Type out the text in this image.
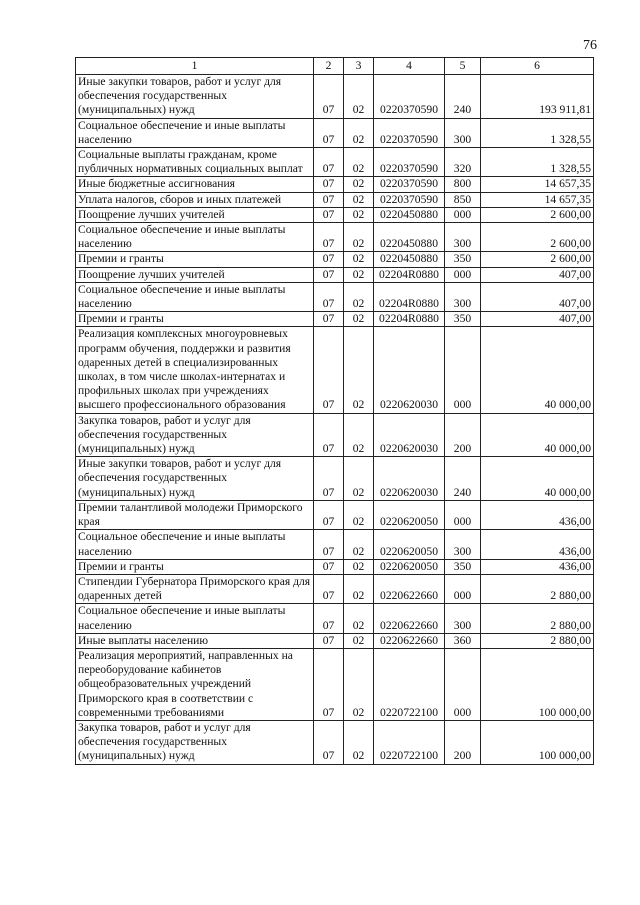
76
1	2	3	4	5	6
Иные закупки товаров, работ и услуг для обеспечения государственных (муниципальных) нужд	07	02	0220370590	240	193 911,81
Социальное обеспечение и иные выплаты населению	07	02	0220370590	300	1 328,55
Социальные выплаты гражданам, кроме публичных нормативных социальных выплат	07	02	0220370590	320	1 328,55
Иные бюджетные ассигнования	07	02	0220370590	800	14 657,35
Уплата налогов, сборов и иных платежей	07	02	0220370590	850	14 657,35
Поощрение лучших учителей	07	02	0220450880	000	2 600,00
Социальное обеспечение и иные выплаты населению	07	02	0220450880	300	2 600,00
Премии и гранты	07	02	0220450880	350	2 600,00
Поощрение лучших учителей	07	02	02204R0880	000	407,00
Социальное обеспечение и иные выплаты населению	07	02	02204R0880	300	407,00
Премии и гранты	07	02	02204R0880	350	407,00
Реализация комплексных многоуровневых программ обучения, поддержки и развития одаренных детей в специализированных школах, в том числе школах-интернатах и профильных школах при учреждениях высшего профессионального образования	07	02	0220620030	000	40 000,00
Закупка товаров, работ и услуг для обеспечения государственных (муниципальных) нужд	07	02	0220620030	200	40 000,00
Иные закупки товаров, работ и услуг для обеспечения государственных (муниципальных) нужд	07	02	0220620030	240	40 000,00
Премии талантливой молодежи Приморского края	07	02	0220620050	000	436,00
Социальное обеспечение и иные выплаты населению	07	02	0220620050	300	436,00
Премии и гранты	07	02	0220620050	350	436,00
Стипендии Губернатора Приморского края для одаренных детей	07	02	0220622660	000	2 880,00
Социальное обеспечение и иные выплаты населению	07	02	0220622660	300	2 880,00
Иные выплаты населению	07	02	0220622660	360	2 880,00
Реализация мероприятий, направленных на переоборудование кабинетов общеобразовательных учреждений Приморского края в соответствии с современными требованиями	07	02	0220722100	000	100 000,00
Закупка товаров, работ и услуг для обеспечения государственных (муниципальных) нужд	07	02	0220722100	200	100 000,00
